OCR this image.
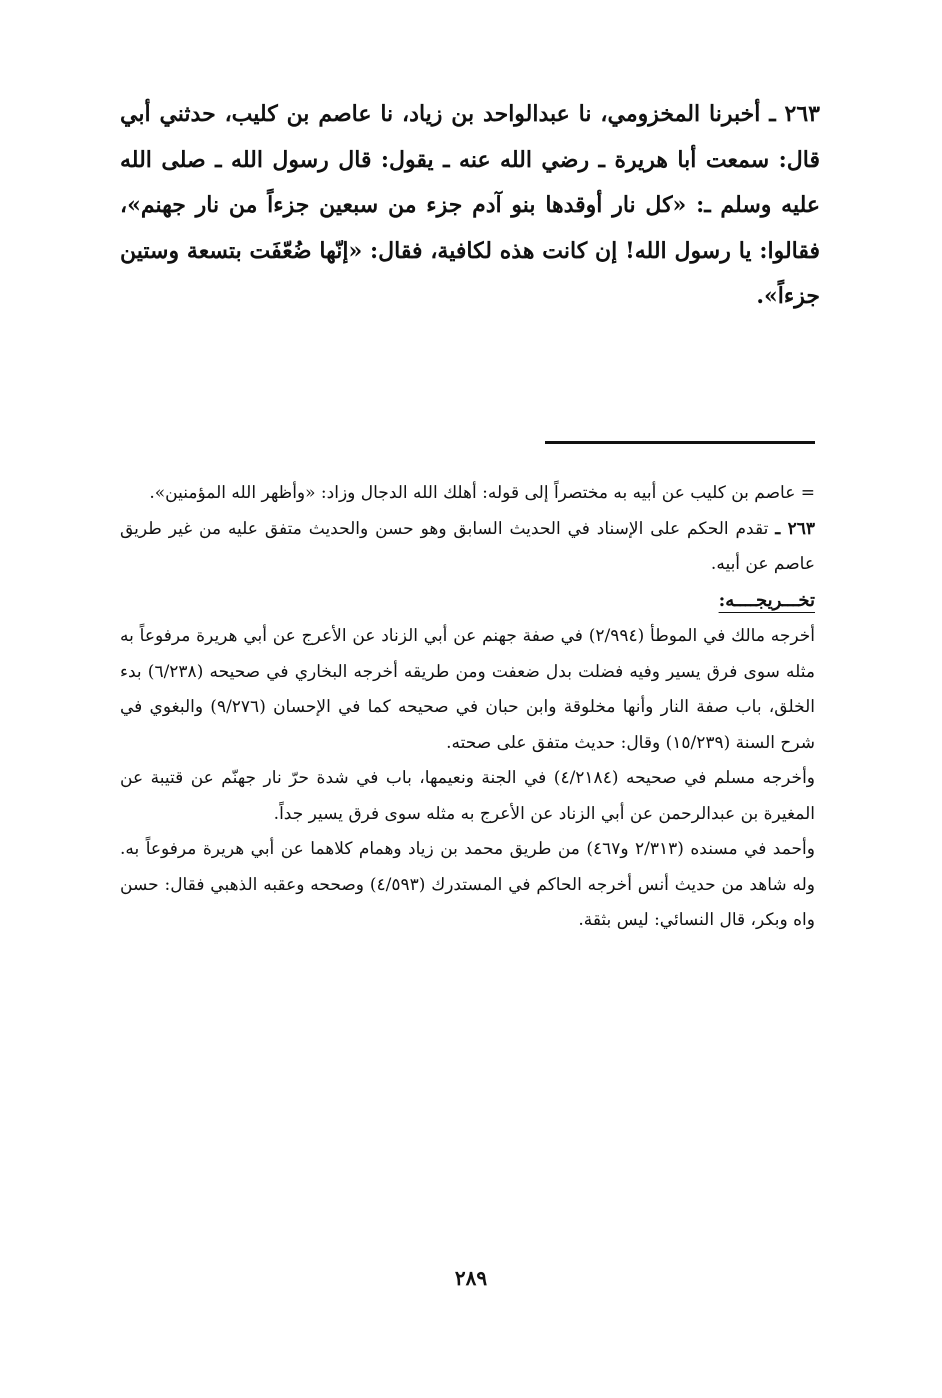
٢٦٣ ـ أخبرنا المخزومي، نا عبدالواحد بن زياد، نا عاصم بن كليب، حدثني أبي قال: سمعت أبا هريرة ـ رضي الله عنه ـ يقول: قال رسول الله ـ صلى الله عليه وسلم ـ: «كل نار أوقدها بنو آدم جزء من سبعين جزءاً من نار جهنم»، فقالوا: يا رسول الله! إن كانت هذه لكافية، فقال: «إنّها ضُعّفَت بتسعة وستين جزءاً».

= عاصم بن كليب عن أبيه به مختصراً إلى قوله: أهلك الله الدجال وزاد: «وأظهر الله المؤمنين».

٢٦٣ ـ تقدم الحكم على الإسناد في الحديث السابق وهو حسن والحديث متفق عليه من غير طريق عاصم عن أبيه.

تخـــريجــــه:

أخرجه مالك في الموطأ (٢/٩٩٤) في صفة جهنم عن أبي الزناد عن الأعرج عن أبي هريرة مرفوعاً به مثله سوى فرق يسير وفيه فضلت بدل ضعفت ومن طريقه أخرجه البخاري في صحيحه (٦/٢٣٨) بدء الخلق، باب صفة النار وأنها مخلوقة وابن حبان في صحيحه كما في الإحسان (٩/٢٧٦) والبغوي في شرح السنة (١٥/٢٣٩) وقال: حديث متفق على صحته.

وأخرجه مسلم في صحيحه (٤/٢١٨٤) في الجنة ونعيمها، باب في شدة حرّ نار جهنّم عن قتيبة عن المغيرة بن عبدالرحمن عن أبي الزناد عن الأعرج به مثله سوى فرق يسير جداً.

وأحمد في مسنده (٢/٣١٣ و٤٦٧) من طريق محمد بن زياد وهمام كلاهما عن أبي هريرة مرفوعاً به. وله شاهد من حديث أنس أخرجه الحاكم في المستدرك (٤/٥٩٣) وصححه وعقبه الذهبي فقال: حسن واه وبكر، قال النسائي: ليس بثقة.

٢٨٩
